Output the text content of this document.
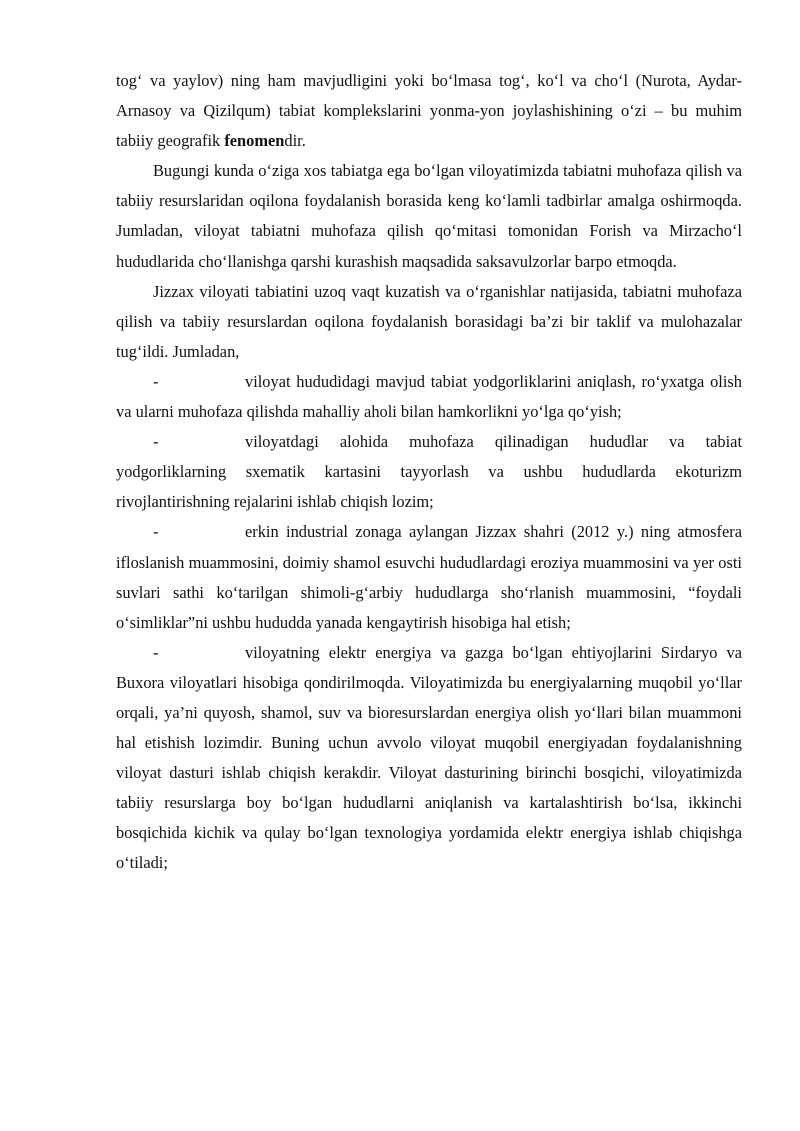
tog‘ va yaylov) ning ham mavjudligini yoki bo‘lmasa tog‘, ko‘l va cho‘l (Nurota, Aydar-Arnasoy va Qizilqum) tabiat komplekslarini yonma-yon joylashishining o‘zi – bu muhim tabiiy geografik fenomendir.

Bugungi kunda o‘ziga xos tabiatga ega bo‘lgan viloyatimizda tabiatni muhofaza qilish va tabiiy resurslaridan oqilona foydalanish borasida keng ko‘lamli tadbirlar amalga oshirmoqda. Jumladan, viloyat tabiatni muhofaza qilish qo‘mitasi tomonidan Forish va Mirzacho‘l hududlarida cho‘llanishga qarshi kurashish maqsadida saksavulzorlar barpo etmoqda.

Jizzax viloyati tabiatini uzoq vaqt kuzatish va o‘rganishlar natijasida, tabiatni muhofaza qilish va tabiiy resurslardan oqilona foydalanish borasidagi ba’zi bir taklif va mulohazalar tug‘ildi. Jumladan,

-	viloyat hududidagi mavjud tabiat yodgorliklarini aniqlash, ro‘yxatga olish va ularni muhofaza qilishda mahalliy aholi bilan hamkorlikni yo‘lga qo‘yish;

-	viloyatdagi alohida muhofaza qilinadigan hududlar va tabiat yodgorliklarning sxematik kartasini tayyorlash va ushbu hududlarda ekoturizm rivojlantirishning rejalarini ishlab chiqish lozim;

-	erkin industrial zonaga aylangan Jizzax shahri (2012 y.) ning atmosfera ifloslanish muammosini, doimiy shamol esuvchi hududlardagi eroziya muammosini va yer osti suvlari sathi ko‘tarilgan shimoli-g‘arbiy hududlarga sho‘rlanish muammosini, “foydali o‘simliklar”ni ushbu hududda yanada kengaytirish hisobiga hal etish;

-	viloyatning elektr energiya va gazga bo‘lgan ehtiyojlarini Sirdaryo va Buxora viloyatlari hisobiga qondirilmoqda. Viloyatimizda bu energiyalarning muqobil yo‘llar orqali, ya’ni quyosh, shamol, suv va bioresurslardan energiya olish yo‘llari bilan muammoni hal etishish lozimdir. Buning uchun avvolo viloyat muqobil energiyadan foydalanishning viloyat dasturi ishlab chiqish kerakdir. Viloyat dasturining birinchi bosqichi, viloyatimizda tabiiy resurslarga boy bo‘lgan hududlarni aniqlanish va kartalashtirish bo‘lsa, ikkinchi bosqichida kichik va qulay bo‘lgan texnologiya yordamida elektr energiya ishlab chiqishga o‘tiladi;
